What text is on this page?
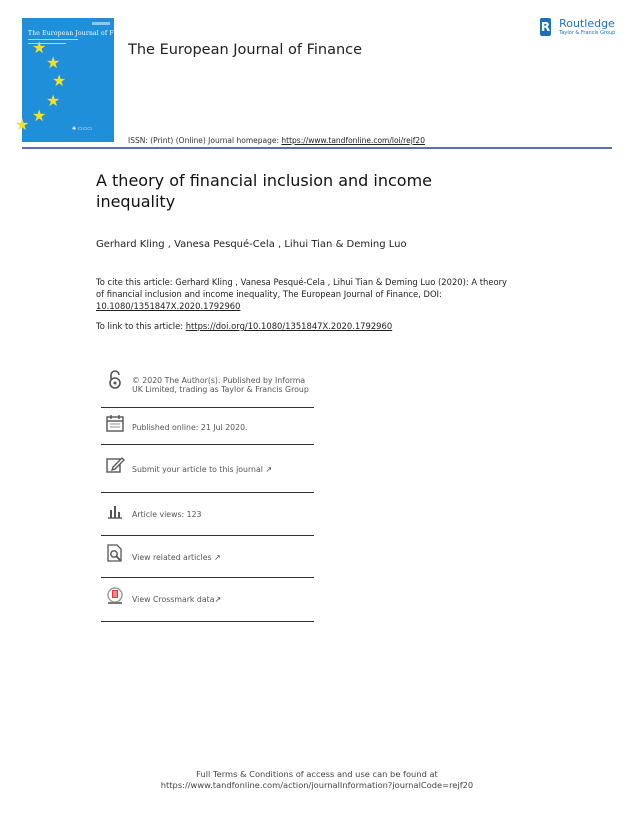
The European Journal of Finance
★
★
★
★
★
★	✚ ▭▭▭
The European Journal of Finance
R Routledge
Taylor & Francis Group
ISSN: (Print) (Online) Journal homepage: https://www.tandfonline.com/loi/rejf20
A theory of financial inclusion and income inequality
Gerhard Kling , Vanesa Pesqué-Cela , Lihui Tian & Deming Luo
To cite this article: Gerhard Kling , Vanesa Pesqué-Cela , Lihui Tian & Deming Luo (2020): A theory of financial inclusion and income inequality, The European Journal of Finance, DOI: 10.1080/1351847X.2020.1792960
To link to this article: https://doi.org/10.1080/1351847X.2020.1792960
© 2020 The Author(s). Published by Informa UK Limited, trading as Taylor & Francis Group
Published online: 21 Jul 2020.
Submit your article to this journal ↗
Article views: 123
View related articles ↗
View Crossmark data↗
Full Terms & Conditions of access and use can be found at
https://www.tandfonline.com/action/journalInformation?journalCode=rejf20
